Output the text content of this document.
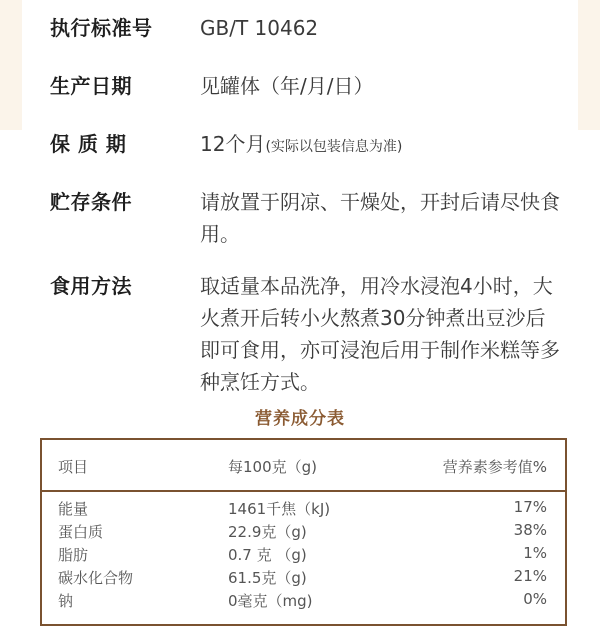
执行标准号 GB/T 10462
生产日期	见罐体（年/月/日）
保 质 期	12个月(实际以包装信息为准)
贮存条件	请放置于阴凉、干燥处，开封后请尽快食用。
食用方法	取适量本品洗净，用冷水浸泡4小时，大火煮开后转小火熬煮30分钟煮出豆沙后即可食用，亦可浸泡后用于制作米糕等多种烹饪方式。
营养成分表
项目	每100克（g)	营养素参考值%
能量	1461千焦（kJ)	17%
蛋白质	22.9克（g)	38%
脂肪	0.7 克 （g)	1%
碳水化合物	61.5克（g)	21%
钠	0毫克（mg)	0%
